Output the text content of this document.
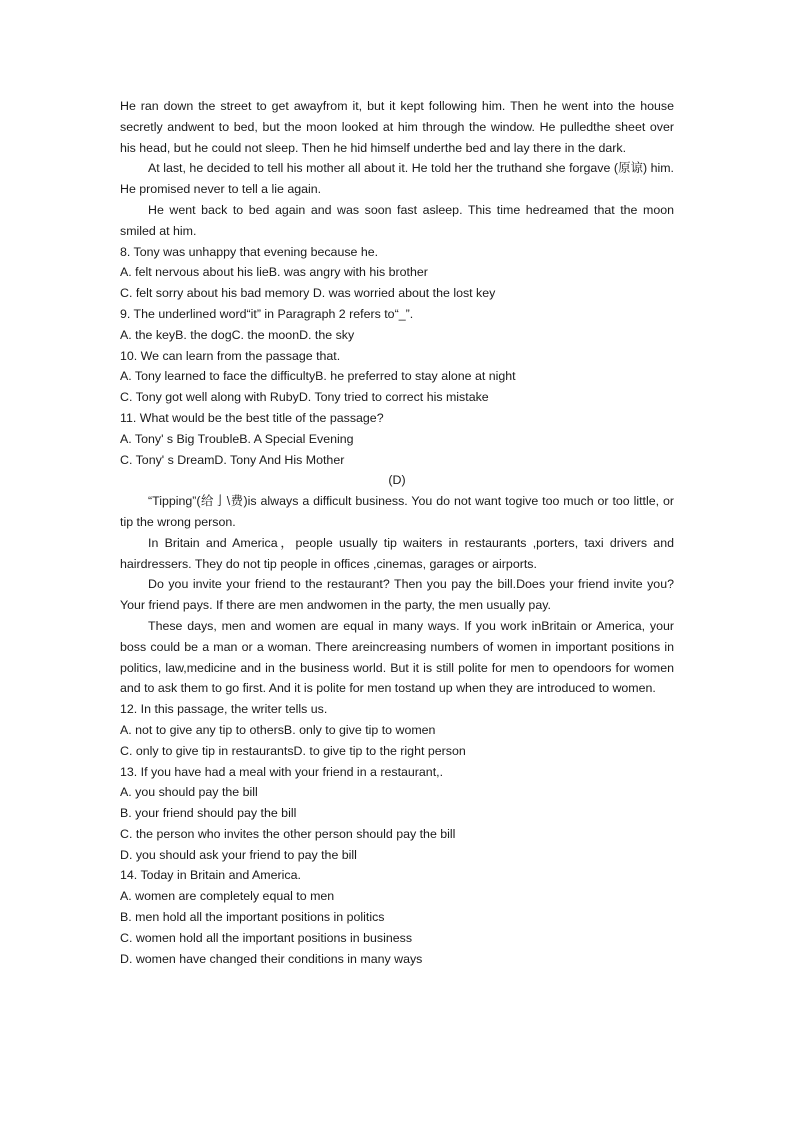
He ran down the street to get awayfrom it, but it kept following him. Then he went into the house secretly andwent to bed, but the moon looked at him through the window. He pulledthe sheet over his head, but he could not sleep. Then he hid himself underthe bed and lay there in the dark.

At last, he decided to tell his mother all about it. He told her the truthand she forgave (原谅) him. He promised never to tell a lie again.

He went back to bed again and was soon fast asleep. This time hedreamed that the moon smiled at him.

8. Tony was unhappy that evening because he.

A. felt nervous about his lieB. was angry with his brother

C. felt sorry about his bad memory D. was worried about the lost key

9. The underlined word“it” in Paragraph 2 refers to“_”.

A. the keyB. the dogC. the moonD. the sky

10. We can learn from the passage that.

A. Tony learned to face the difficultyB. he preferred to stay alone at night

C. Tony got well along with RubyD. Tony tried to correct his mistake

11. What would be the best title of the passage?

A. Tony' s Big TroubleB. A Special Evening

C. Tony' s DreamD. Tony And His Mother

(D)

“Tipping”(给亅\费)is always a difficult business. You do not want togive too much or too little, or tip the wrong person.

In Britain and America，people usually tip waiters in restaurants ,porters, taxi drivers and hairdressers. They do not tip people in offices ,cinemas, garages or airports.

Do you invite your friend to the restaurant? Then you pay the bill.Does your friend invite you? Your friend pays. If there are men andwomen in the party, the men usually pay.

These days, men and women are equal in many ways. If you work inBritain or America, your boss could be a man or a woman. There areincreasing numbers of women in important positions in politics, law,medicine and in the business world. But it is still polite for men to opendoors for women and to ask them to go first. And it is polite for men tostand up when they are introduced to women.

12. In this passage, the writer tells us.

A. not to give any tip to othersB. only to give tip to women

C. only to give tip in restaurantsD. to give tip to the right person

13. If you have had a meal with your friend in a restaurant,.

A. you should pay the bill

B. your friend should pay the bill

C. the person who invites the other person should pay the bill

D. you should ask your friend to pay the bill

14. Today in Britain and America.

A. women are completely equal to men

B. men hold all the important positions in politics

C. women hold all the important positions in business

D. women have changed their conditions in many ways
